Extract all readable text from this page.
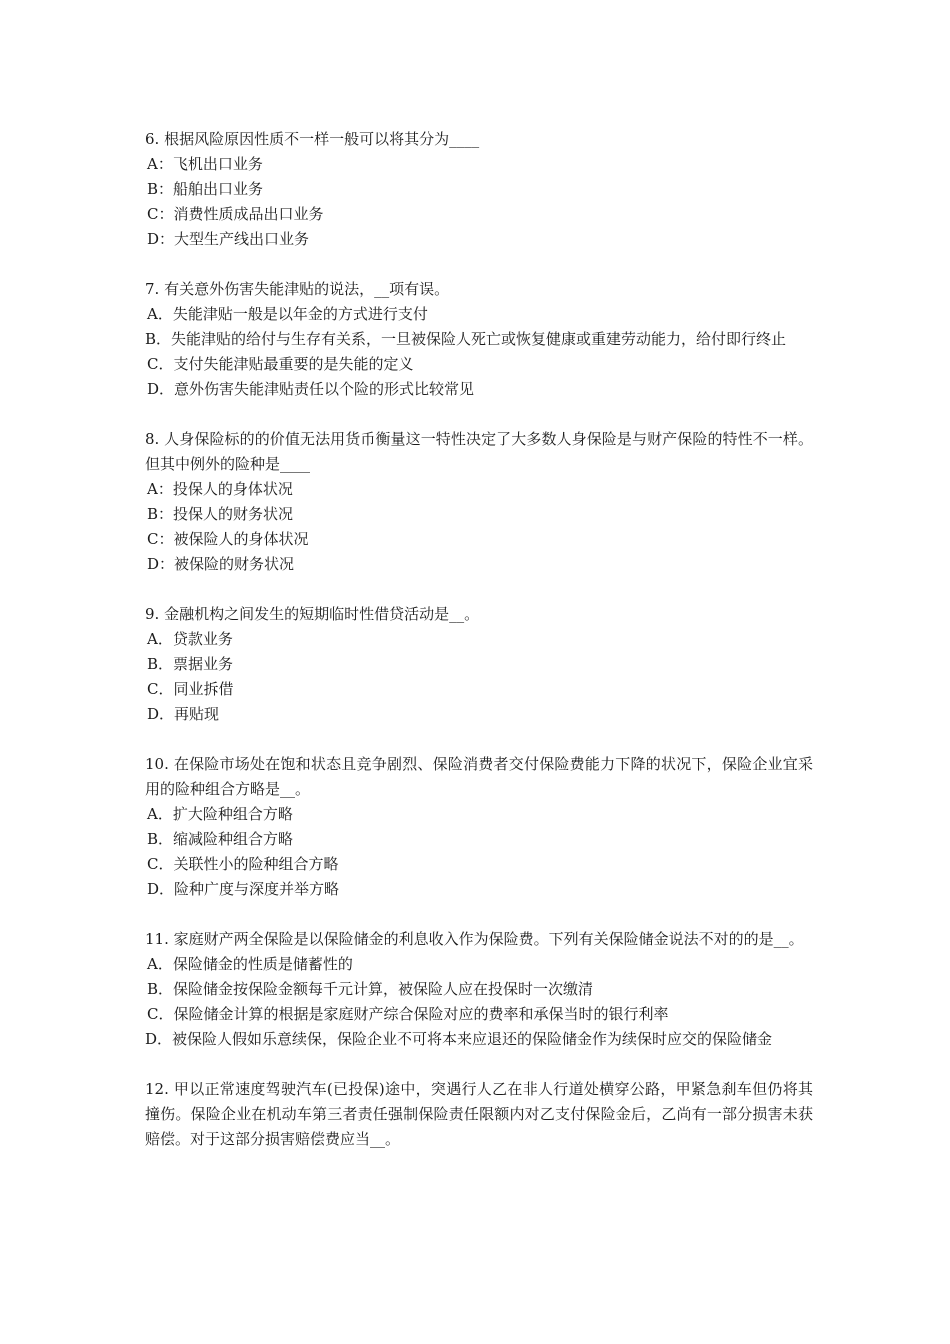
6. 根据风险原因性质不一样一般可以将其分为____

A：飞机出口业务

B：船舶出口业务

C：消费性质成品出口业务

D：大型生产线出口业务

7. 有关意外伤害失能津贴的说法，__项有误。

A．失能津贴一般是以年金的方式进行支付

B．失能津贴的给付与生存有关系，一旦被保险人死亡或恢复健康或重建劳动能力，给付即行终止

C．支付失能津贴最重要的是失能的定义

D．意外伤害失能津贴责任以个险的形式比较常见

8. 人身保险标的的价值无法用货币衡量这一特性决定了大多数人身保险是与财产保险的特性不一样。但其中例外的险种是____

A：投保人的身体状况

B：投保人的财务状况

C：被保险人的身体状况

D：被保险的财务状况

9. 金融机构之间发生的短期临时性借贷活动是__。

A．贷款业务

B．票据业务

C．同业拆借

D．再贴现

10. 在保险市场处在饱和状态且竞争剧烈、保险消费者交付保险费能力下降的状况下，保险企业宜采用的险种组合方略是__。

A．扩大险种组合方略

B．缩减险种组合方略

C．关联性小的险种组合方略

D．险种广度与深度并举方略

11. 家庭财产两全保险是以保险储金的利息收入作为保险费。下列有关保险储金说法不对的的是__。

A．保险储金的性质是储蓄性的

B．保险储金按保险金额每千元计算，被保险人应在投保时一次缴清

C．保险储金计算的根据是家庭财产综合保险对应的费率和承保当时的银行利率

D．被保险人假如乐意续保，保险企业不可将本来应退还的保险储金作为续保时应交的保险储金

12. 甲以正常速度驾驶汽车(已投保)途中，突遇行人乙在非人行道处横穿公路，甲紧急刹车但仍将其撞伤。保险企业在机动车第三者责任强制保险责任限额内对乙支付保险金后，乙尚有一部分损害未获赔偿。对于这部分损害赔偿费应当__。
